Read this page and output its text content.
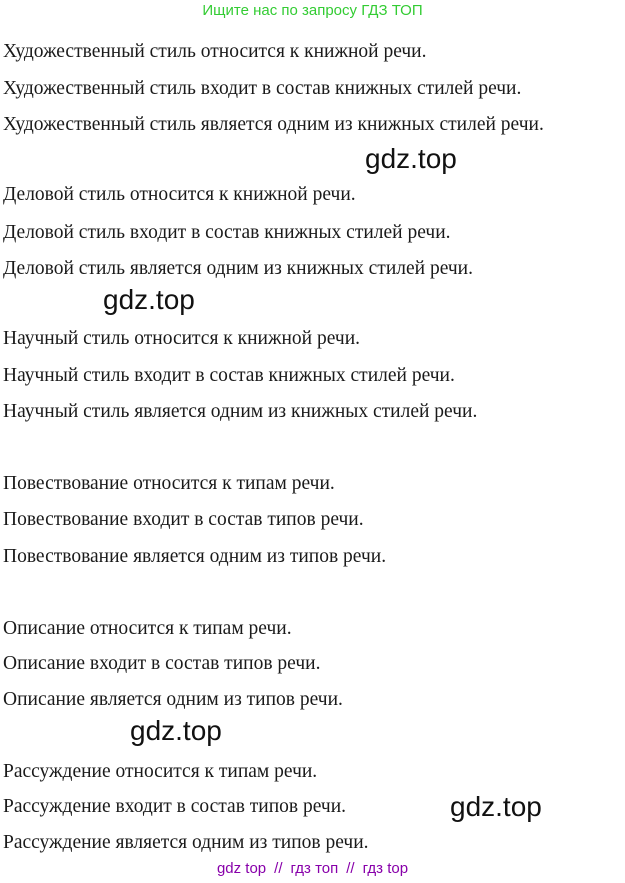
Ищите нас по запросу ГДЗ ТОП
Художественный стиль относится к книжной речи.
Художественный стиль входит в состав книжных стилей речи.
Художественный стиль является одним из книжных стилей речи.
gdz.top
Деловой стиль относится к книжной речи.
Деловой стиль входит в состав книжных стилей речи.
Деловой стиль является одним из книжных стилей речи.
gdz.top
Научный стиль относится к книжной речи.
Научный стиль входит в состав книжных стилей речи.
Научный стиль является одним из книжных стилей речи.
Повествование относится к типам речи.
Повествование входит в состав типов речи.
Повествование является одним из типов речи.
Описание относится к типам речи.
Описание входит в состав типов речи.
Описание является одним из типов речи.
gdz.top
Рассуждение относится к типам речи.
Рассуждение входит в состав типов речи.	gdz.top
Рассуждение является одним из типов речи.
gdz top // гдз топ // гдз top
